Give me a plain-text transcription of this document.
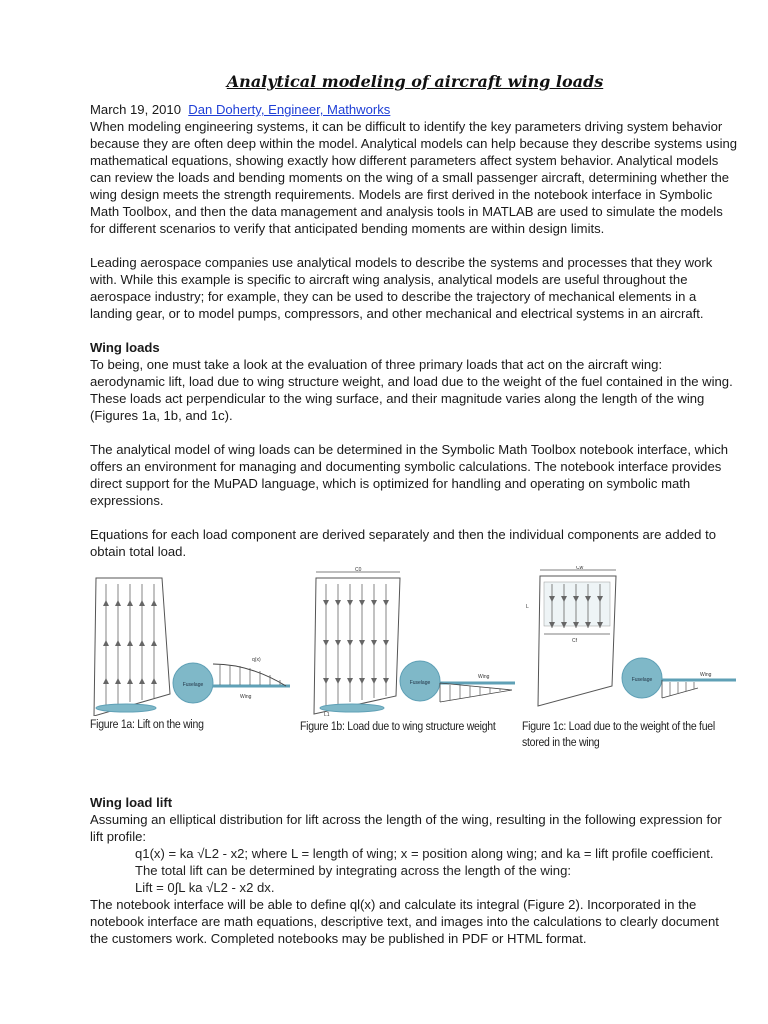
Analytical modeling of aircraft wing loads

March 19, 2010 Dan Doherty, Engineer, Mathworks

When modeling engineering systems, it can be difficult to identify the key parameters driving system behavior because they are often deep within the model. Analytical models can help because they describe systems using mathematical equations, showing exactly how different parameters affect system behavior. Analytical models can review the loads and bending moments on the wing of a small passenger aircraft, determining whether the wing design meets the strength requirements. Models are first derived in the notebook interface in Symbolic Math Toolbox, and then the data management and analysis tools in MATLAB are used to simulate the models for different scenarios to verify that anticipated bending moments are within design limits.

Leading aerospace companies use analytical models to describe the systems and processes that they work with. While this example is specific to aircraft wing analysis, analytical models are useful throughout the aerospace industry; for example, they can be used to describe the trajectory of mechanical elements in a landing gear, or to model pumps, compressors, and other mechanical and electrical systems in an aircraft.

Wing loads

To being, one must take a look at the evaluation of three primary loads that act on the aircraft wing: aerodynamic lift, load due to wing structure weight, and load due to the weight of the fuel contained in the wing. These loads act perpendicular to the wing surface, and their magnitude varies along the length of the wing (Figures 1a, 1b, and 1c).

The analytical model of wing loads can be determined in the Symbolic Math Toolbox notebook interface, which offers an environment for managing and documenting symbolic calculations. The notebook interface provides direct support for the MuPAD language, which is optimized for handling and operating on symbolic math expressions.

Equations for each load component are derived separately and then the individual components are added to obtain total load.

Fuselage
q(x)
Wing
Figure 1a: Lift on the wing
C0
Fuselage
Wing
L1
Figure 1b: Load due to wing structure weight
Cw
L
Cf
Fuselage
Wing
Figure 1c: Load due to the weight of the fuel
stored in the wing

Wing load lift

Assuming an elliptical distribution for lift across the length of the wing, resulting in the following expression for lift profile:

q1(x) = ka √L2 - x2; where L = length of wing; x = position along wing; and ka = lift profile coefficient. The total lift can be determined by integrating across the length of the wing:

Lift = 0∫L ka √L2 - x2 dx.

The notebook interface will be able to define ql(x) and calculate its integral (Figure 2). Incorporated in the notebook interface are math equations, descriptive text, and images into the calculations to clearly document the customers work. Completed notebooks may be published in PDF or HTML format.
